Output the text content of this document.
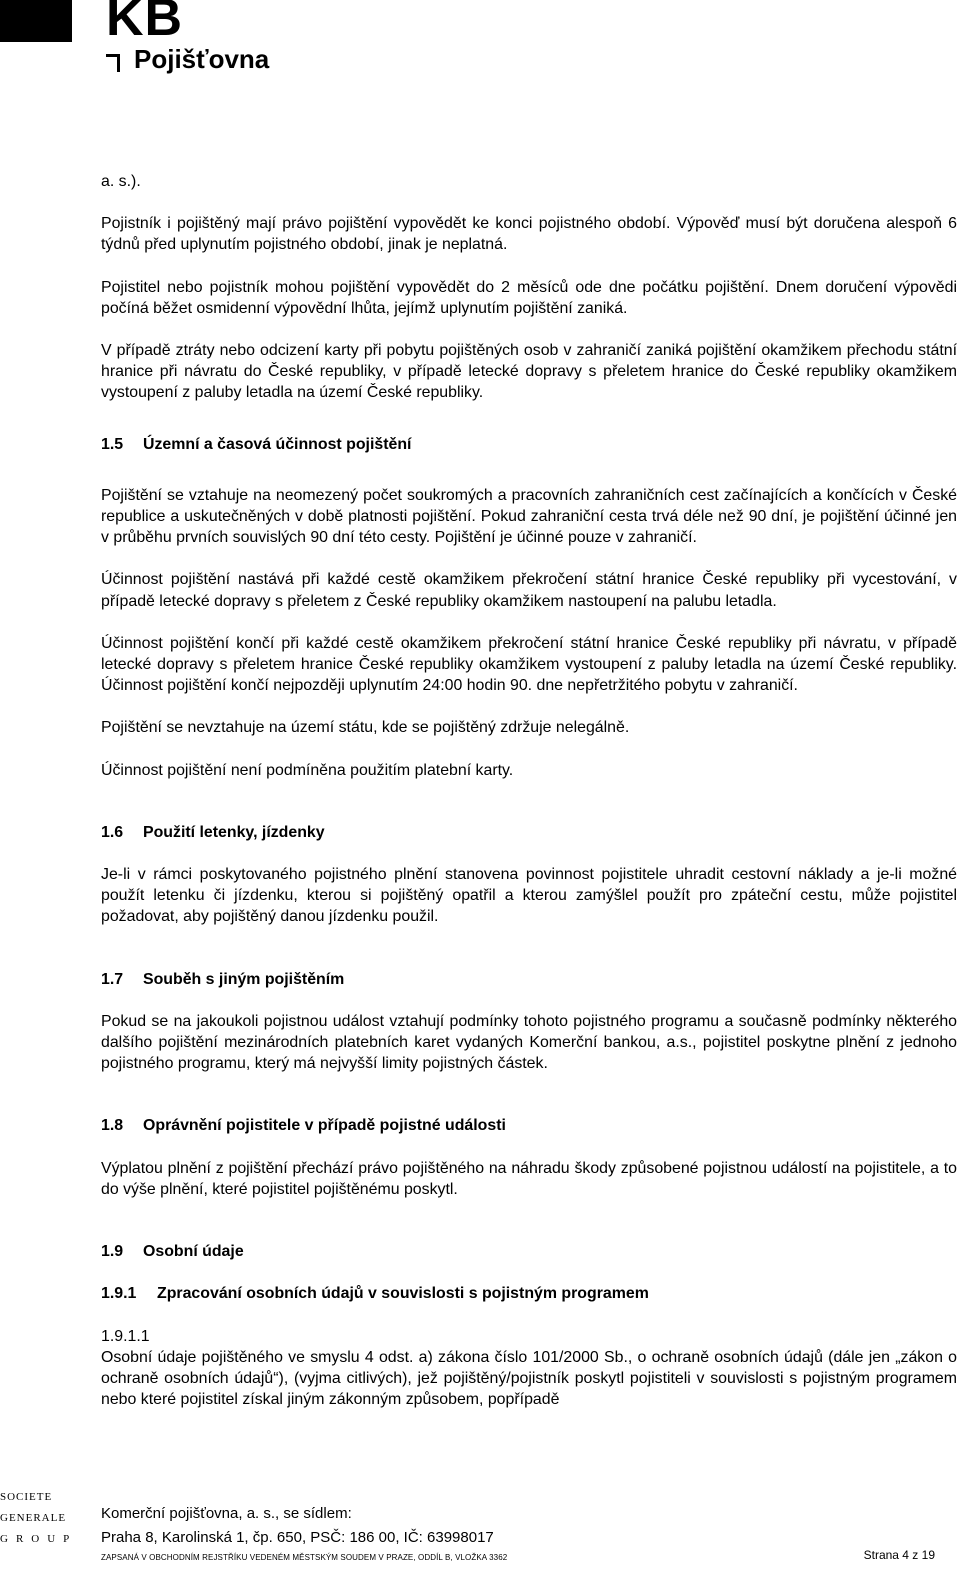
KB
Pojišťovna

a. s.).

Pojistník i pojištěný mají právo pojištění vypovědět ke konci pojistného období. Výpověď musí být doručena alespoň 6 týdnů před uplynutím pojistného období, jinak je neplatná.

Pojistitel nebo pojistník mohou pojištění vypovědět do 2 měsíců ode dne počátku pojištění. Dnem doručení výpovědi počíná běžet osmidenní výpovědní lhůta, jejímž uplynutím pojištění zaniká.

V případě ztráty nebo odcizení karty při pobytu pojištěných osob v zahraničí zaniká pojištění okamžikem přechodu státní hranice při návratu do České republiky, v případě letecké dopravy s přeletem hranice do České republiky okamžikem vystoupení z paluby letadla na území České republiky.

1.5	Územní a časová účinnost pojištění

Pojištění se vztahuje na neomezený počet soukromých a pracovních zahraničních cest začínajících a končících v České republice a uskutečněných v době platnosti pojištění. Pokud zahraniční cesta trvá déle než 90 dní, je pojištění účinné jen v průběhu prvních souvislých 90 dní této cesty. Pojištění je účinné pouze v zahraničí.

Účinnost pojištění nastává při každé cestě okamžikem překročení státní hranice České republiky při vycestování, v případě letecké dopravy s přeletem z České republiky okamžikem nastoupení na palubu letadla.

Účinnost pojištění končí při každé cestě okamžikem překročení státní hranice České republiky při návratu, v případě letecké dopravy s přeletem hranice České republiky okamžikem vystoupení z paluby letadla na území České republiky. Účinnost pojištění končí nejpozději uplynutím 24:00 hodin 90. dne nepřetržitého pobytu v zahraničí.

Pojištění se nevztahuje na území státu, kde se pojištěný zdržuje nelegálně.

Účinnost pojištění není podmíněna použitím platební karty.

1.6	Použití letenky, jízdenky

Je-li v rámci poskytovaného pojistného plnění stanovena povinnost pojistitele uhradit cestovní náklady a je-li možné použít letenku či jízdenku, kterou si pojištěný opatřil a kterou zamýšlel použít pro zpáteční cestu, může pojistitel požadovat, aby pojištěný danou jízdenku použil.

1.7	Souběh s jiným pojištěním

Pokud se na jakoukoli pojistnou událost vztahují podmínky tohoto pojistného programu a současně podmínky některého dalšího pojištění mezinárodních platebních karet vydaných Komerční bankou, a.s., pojistitel poskytne plnění z jednoho pojistného programu, který má nejvyšší limity pojistných částek.

1.8	Oprávnění pojistitele v případě pojistné události

Výplatou plnění z pojištění přechází právo pojištěného na náhradu škody způsobené pojistnou událostí na pojistitele, a to do výše plnění, které pojistitel pojištěnému poskytl.

1.9	Osobní údaje
1.9.1	Zpracování osobních údajů v souvislosti s pojistným programem

1.9.1.1

Osobní údaje pojištěného ve smyslu 4 odst. a) zákona číslo 101/2000 Sb., o ochraně osobních údajů (dále jen „zákon o ochraně osobních údajů“), (vyjma citlivých), jež pojištěný/pojistník poskytl pojistiteli v souvislosti s pojistným programem nebo které pojistitel získal jiným zákonným způsobem, popřípadě

SOCIETE
GENERALE
GROUP
Komerční pojišťovna, a. s., se sídlem:
Praha 8, Karolinská 1, čp. 650, PSČ: 186 00, IČ: 63998017
ZAPSANÁ V OBCHODNÍM REJSTŘÍKU VEDENÉM MĚSTSKÝM SOUDEM V PRAZE, ODDÍL B, VLOŽKA 3362	Strana 4 z 19
